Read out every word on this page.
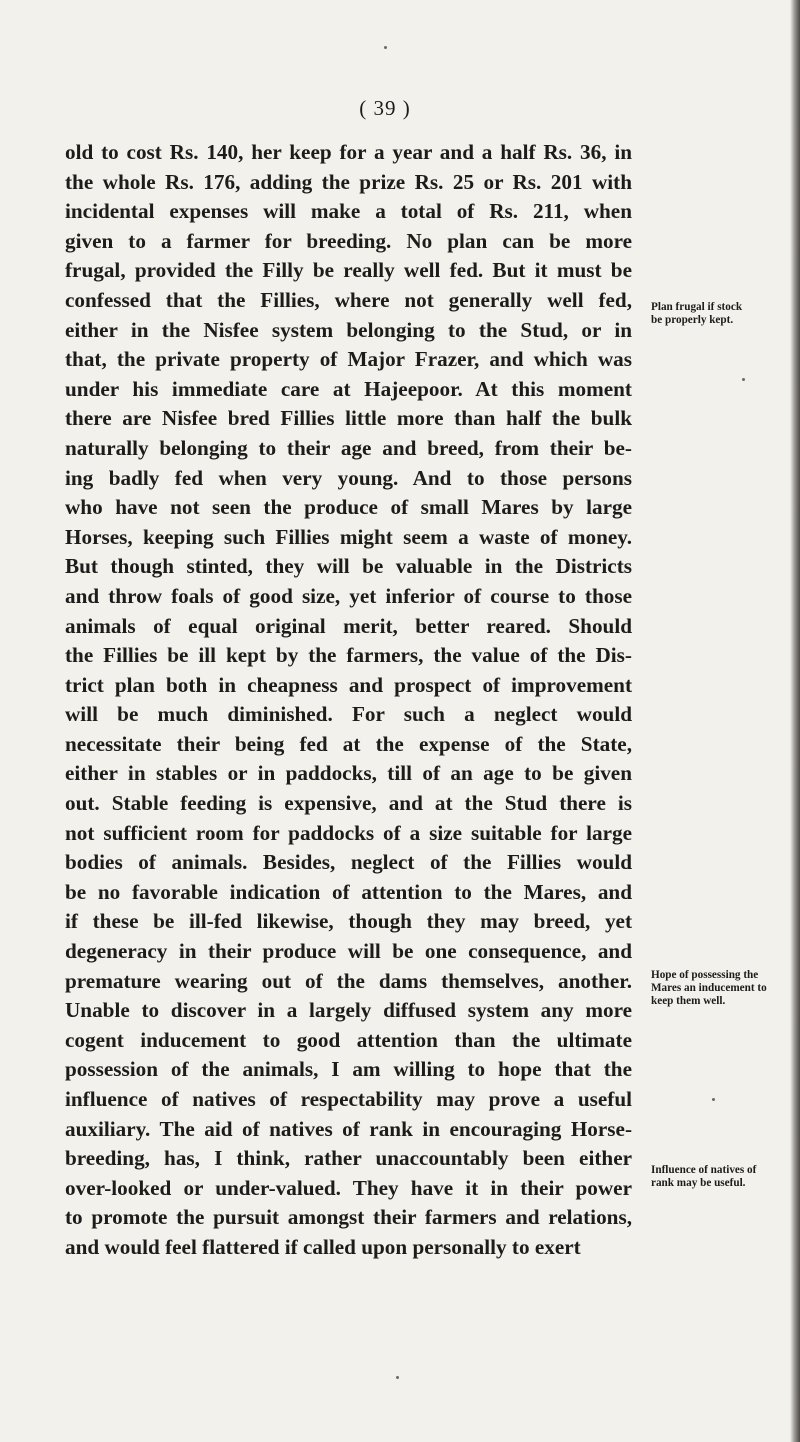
( 39 )
old to cost Rs. 140, her keep for a year and a half Rs. 36, in
the whole Rs. 176, adding the prize Rs. 25 or Rs. 201 with
incidental expenses will make a total of Rs. 211, when
given to a farmer for breeding. No plan can be more
frugal, provided the Filly be really well fed. But it must be
confessed that the Fillies, where not generally well fed,
either in the Nisfee system belonging to the Stud, or in
that, the private property of Major Frazer, and which was
under his immediate care at Hajeepoor. At this moment
there are Nisfee bred Fillies little more than half the bulk
naturally belonging to their age and breed, from their be-
ing badly fed when very young. And to those persons
who have not seen the produce of small Mares by large
Horses, keeping such Fillies might seem a waste of money.
But though stinted, they will be valuable in the Districts
and throw foals of good size, yet inferior of course to those
animals of equal original merit, better reared. Should
the Fillies be ill kept by the farmers, the value of the Dis-
trict plan both in cheapness and prospect of improvement
will be much diminished. For such a neglect would
necessitate their being fed at the expense of the State,
either in stables or in paddocks, till of an age to be given
out. Stable feeding is expensive, and at the Stud there is
not sufficient room for paddocks of a size suitable for large
bodies of animals. Besides, neglect of the Fillies would
be no favorable indication of attention to the Mares, and
if these be ill-fed likewise, though they may breed, yet
degeneracy in their produce will be one consequence, and
premature wearing out of the dams themselves, another.
Unable to discover in a largely diffused system any more
cogent inducement to good attention than the ultimate
possession of the animals, I am willing to hope that the
influence of natives of respectability may prove a useful
auxiliary. The aid of natives of rank in encouraging Horse-
breeding, has, I think, rather unaccountably been either
over-looked or under-valued. They have it in their power
to promote the pursuit amongst their farmers and relations,
and would feel flattered if called upon personally to exert
Plan frugal if stock
be properly kept.
Hope of possessing the
Mares an inducement to
keep them well.
Influence of natives of
rank may be useful.
